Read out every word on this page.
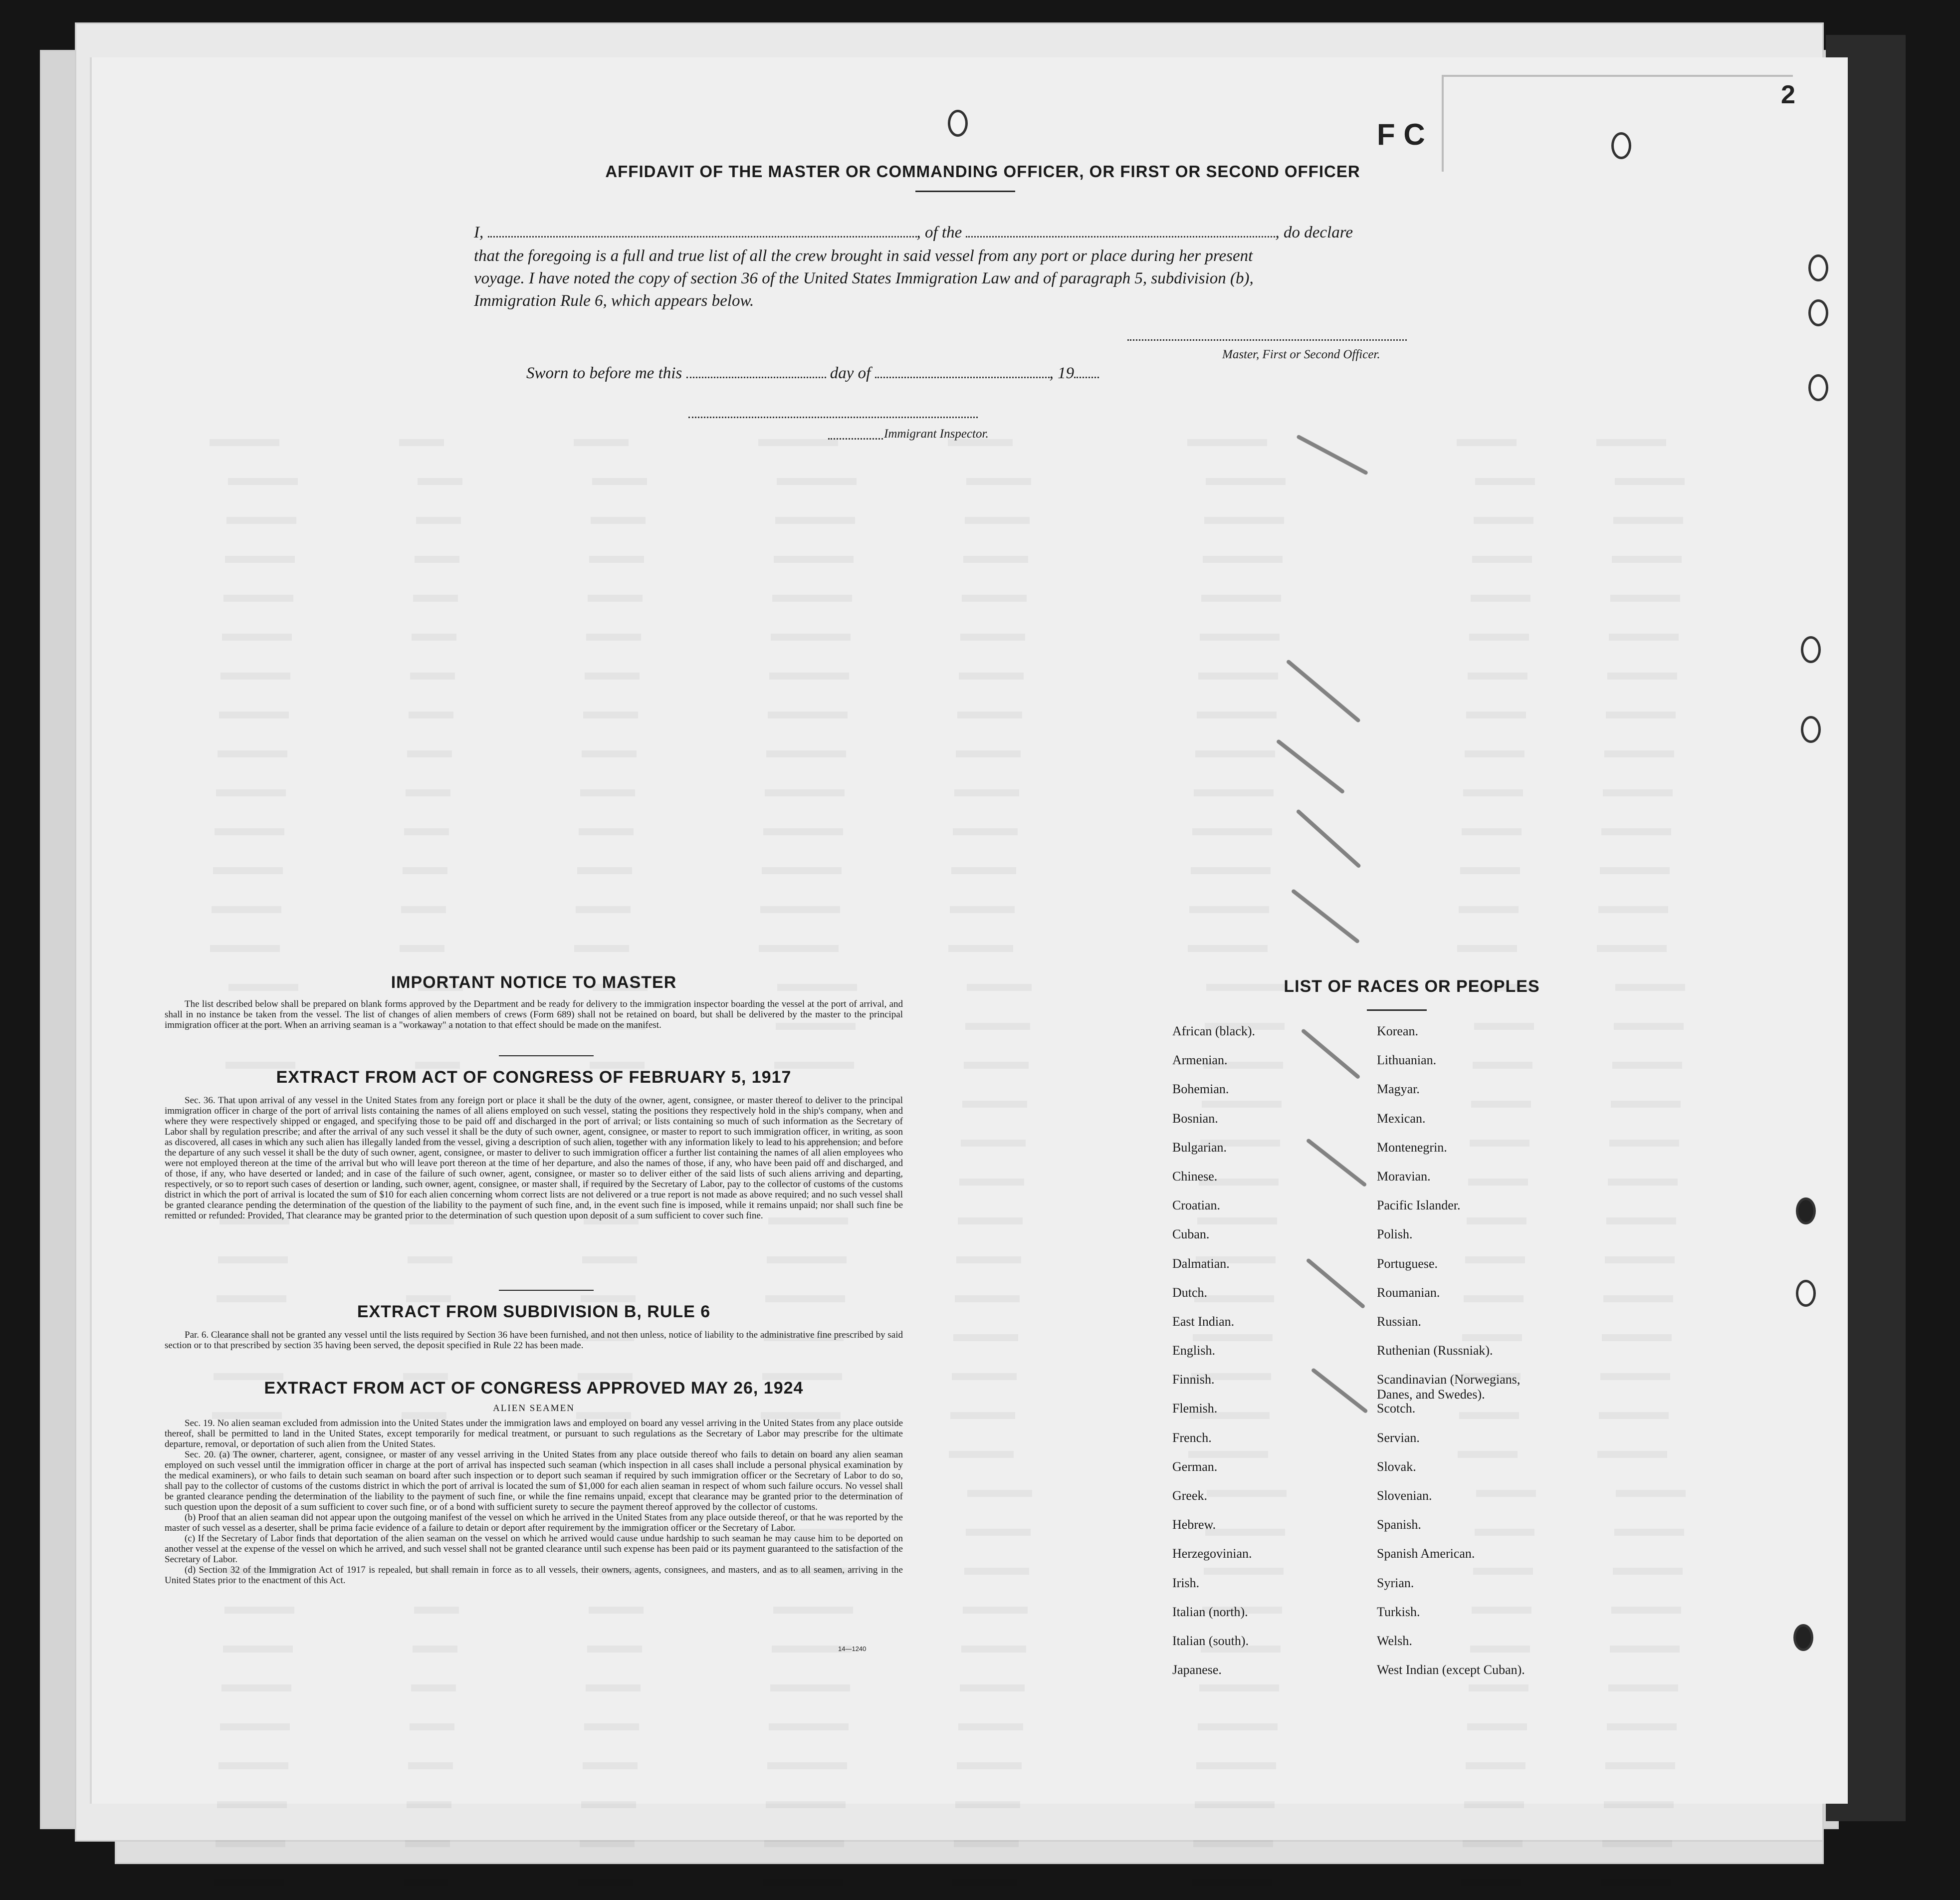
F C
2
AFFIDAVIT OF THE MASTER OR COMMANDING OFFICER, OR FIRST OR SECOND OFFICER
I,	, of the	, do declare
that the foregoing is a full and true list of all the crew brought in said vessel from any port or place during her present
voyage. I have noted the copy of section 36 of the United States Immigration Law and of paragraph 5, subdivision (b),
Immigration Rule 6, which appears below.
Master, First or Second Officer.
Sworn to before me this	day of	, 19
Immigrant Inspector.
IMPORTANT NOTICE TO MASTER

The list described below shall be prepared on blank forms approved by the Department and be ready for delivery to the immigration inspector boarding the vessel at the port of arrival, and shall in no instance be taken from the vessel. The list of changes of alien members of crews (Form 689) shall not be retained on board, but shall be delivered by the master to the principal immigration officer at the port. When an arriving seaman is a "workaway" a notation to that effect should be made on the manifest.

EXTRACT FROM ACT OF CONGRESS OF FEBRUARY 5, 1917

Sec. 36. That upon arrival of any vessel in the United States from any foreign port or place it shall be the duty of the owner, agent, consignee, or master thereof to deliver to the principal immigration officer in charge of the port of arrival lists containing the names of all aliens employed on such vessel, stating the positions they respectively hold in the ship's company, when and where they were respectively shipped or engaged, and specifying those to be paid off and discharged in the port of arrival; or lists containing so much of such information as the Secretary of Labor shall by regulation prescribe; and after the arrival of any such vessel it shall be the duty of such owner, agent, consignee, or master to report to such immigration officer, in writing, as soon as discovered, all cases in which any such alien has illegally landed from the vessel, giving a description of such alien, together with any information likely to lead to his apprehension; and before the departure of any such vessel it shall be the duty of such owner, agent, consignee, or master to deliver to such immigration officer a further list containing the names of all alien employees who were not employed thereon at the time of the arrival but who will leave port thereon at the time of her departure, and also the names of those, if any, who have been paid off and discharged, and of those, if any, who have deserted or landed; and in case of the failure of such owner, agent, consignee, or master so to deliver either of the said lists of such aliens arriving and departing, respectively, or so to report such cases of desertion or landing, such owner, agent, consignee, or master shall, if required by the Secretary of Labor, pay to the collector of customs of the customs district in which the port of arrival is located the sum of $10 for each alien concerning whom correct lists are not delivered or a true report is not made as above required; and no such vessel shall be granted clearance pending the determination of the question of the liability to the payment of such fine, and, in the event such fine is imposed, while it remains unpaid; nor shall such fine be remitted or refunded: Provided, That clearance may be granted prior to the determination of such question upon deposit of a sum sufficient to cover such fine.

EXTRACT FROM SUBDIVISION B, RULE 6

Par. 6. Clearance shall not be granted any vessel until the lists required by Section 36 have been furnished, and not then unless, notice of liability to the administrative fine prescribed by said section or to that prescribed by section 35 having been served, the deposit specified in Rule 22 has been made.

EXTRACT FROM ACT OF CONGRESS APPROVED MAY 26, 1924
ALIEN SEAMEN

Sec. 19. No alien seaman excluded from admission into the United States under the immigration laws and employed on board any vessel arriving in the United States from any place outside thereof, shall be permitted to land in the United States, except temporarily for medical treatment, or pursuant to such regulations as the Secretary of Labor may prescribe for the ultimate departure, removal, or deportation of such alien from the United States.

Sec. 20. (a) The owner, charterer, agent, consignee, or master of any vessel arriving in the United States from any place outside thereof who fails to detain on board any alien seaman employed on such vessel until the immigration officer in charge at the port of arrival has inspected such seaman (which inspection in all cases shall include a personal physical examination by the medical examiners), or who fails to detain such seaman on board after such inspection or to deport such seaman if required by such immigration officer or the Secretary of Labor to do so, shall pay to the collector of customs of the customs district in which the port of arrival is located the sum of $1,000 for each alien seaman in respect of whom such failure occurs. No vessel shall be granted clearance pending the determination of the liability to the payment of such fine, or while the fine remains unpaid, except that clearance may be granted prior to the determination of such question upon the deposit of a sum sufficient to cover such fine, or of a bond with sufficient surety to secure the payment thereof approved by the collector of customs.

(b) Proof that an alien seaman did not appear upon the outgoing manifest of the vessel on which he arrived in the United States from any place outside thereof, or that he was reported by the master of such vessel as a deserter, shall be prima facie evidence of a failure to detain or deport after requirement by the immigration officer or the Secretary of Labor.

(c) If the Secretary of Labor finds that deportation of the alien seaman on the vessel on which he arrived would cause undue hardship to such seaman he may cause him to be deported on another vessel at the expense of the vessel on which he arrived, and such vessel shall not be granted clearance until such expense has been paid or its payment guaranteed to the satisfaction of the Secretary of Labor.

(d) Section 32 of the Immigration Act of 1917 is repealed, but shall remain in force as to all vessels, their owners, agents, consignees, and masters, and as to all seamen, arriving in the United States prior to the enactment of this Act.

14—1240
LIST OF RACES OR PEOPLES
African (black).
Armenian.
Bohemian.
Bosnian.
Bulgarian.
Chinese.
Croatian.
Cuban.
Dalmatian.
Dutch.
East Indian.
English.
Finnish.
Flemish.
French.
German.
Greek.
Hebrew.
Herzegovinian.
Irish.
Italian (north).
Italian (south).
Japanese.
Korean.
Lithuanian.
Magyar.
Mexican.
Montenegrin.
Moravian.
Pacific Islander.
Polish.
Portuguese.
Roumanian.
Russian.
Ruthenian (Russniak).
Scandinavian (Norwegians,
Danes, and Swedes).
Scotch.
Servian.
Slovak.
Slovenian.
Spanish.
Spanish American.
Syrian.
Turkish.
Welsh.
West Indian (except Cuban).
